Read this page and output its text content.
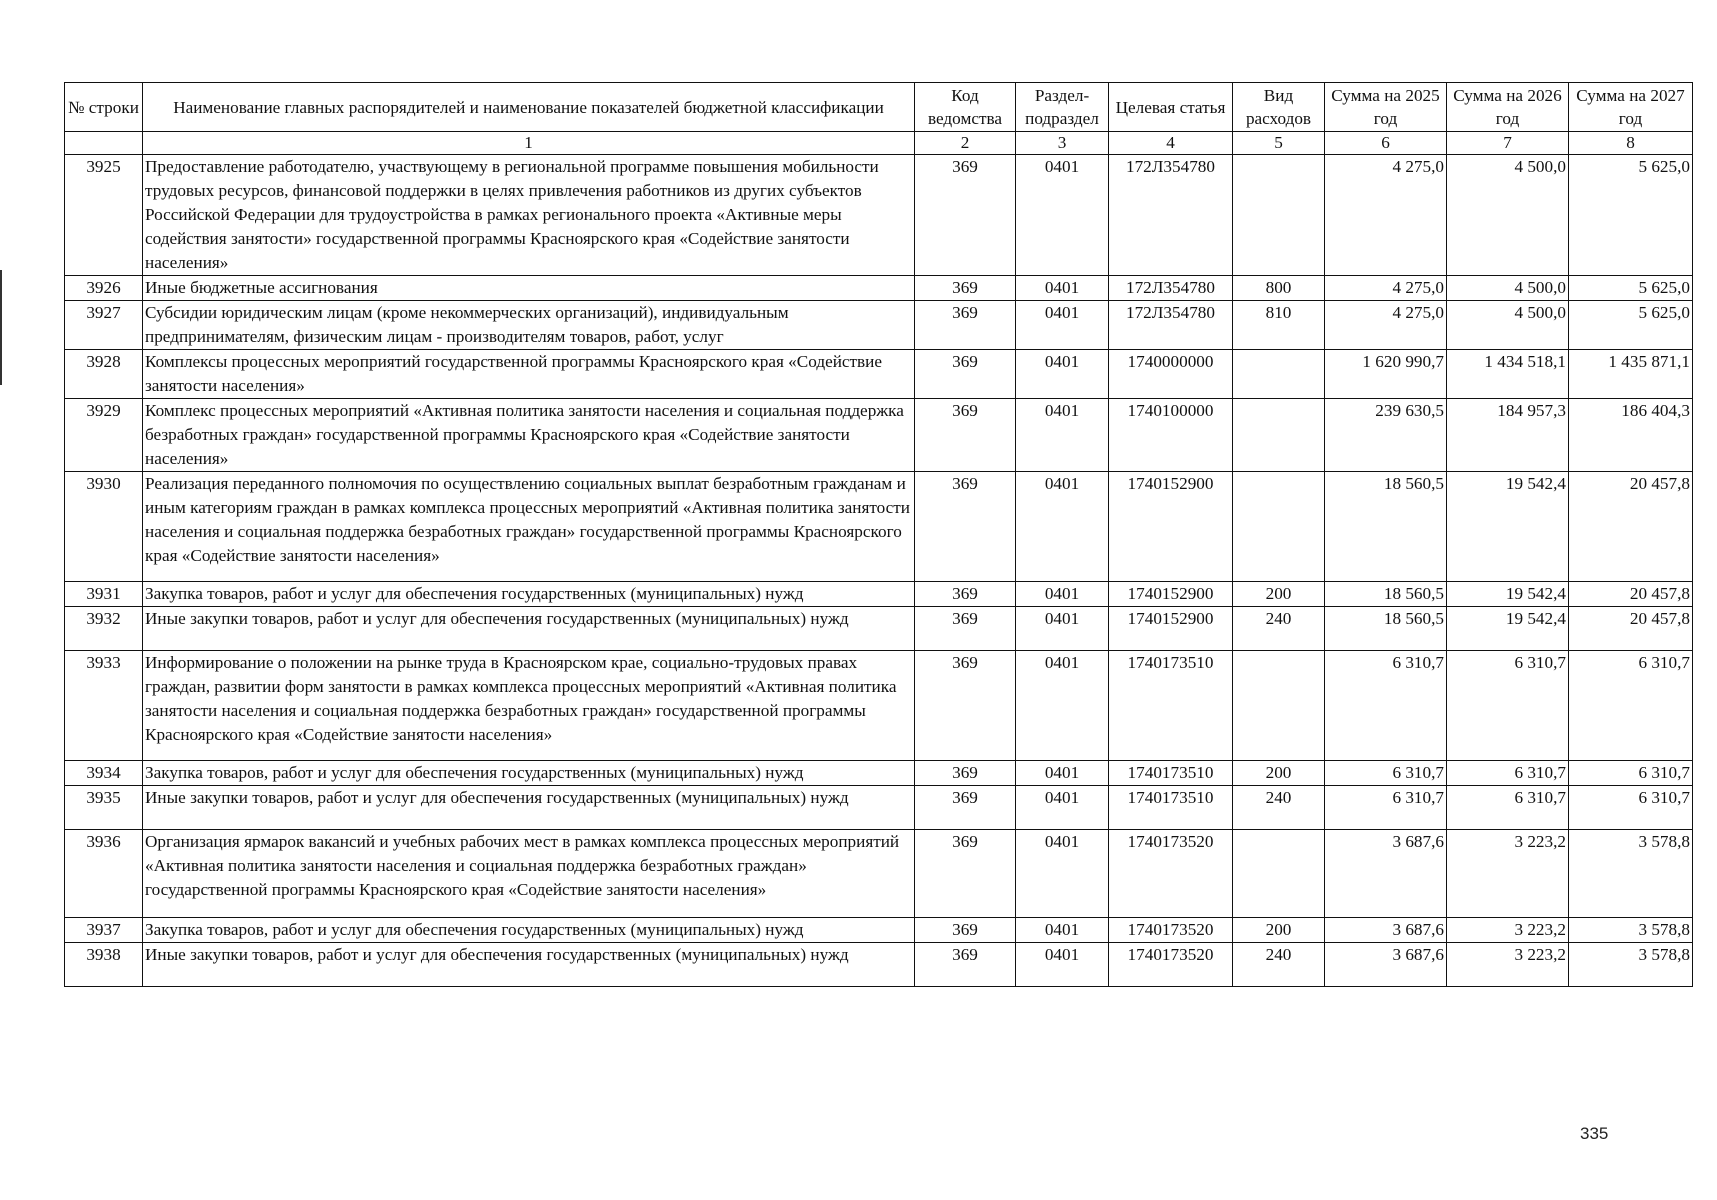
№ строки	Наименование главных распорядителей и наименование показателей бюджетной классификации	Код ведомства	Раздел-подраздел	Целевая статья	Вид расходов	Сумма на 2025 год	Сумма на 2026 год	Сумма на 2027 год
	1	2	3	4	5	6	7	8
3925	Предоставление работодателю, участвующему в региональной программе повышения мобильности трудовых ресурсов, финансовой поддержки в целях привлечения работников из других субъектов Российской Федерации для трудоустройства в рамках регионального проекта «Активные меры содействия занятости» государственной программы Красноярского края «Содействие занятости населения»	369	0401	172Л354780		4 275,0	4 500,0	5 625,0
3926	Иные бюджетные ассигнования	369	0401	172Л354780	800	4 275,0	4 500,0	5 625,0
3927	Субсидии юридическим лицам (кроме некоммерческих организаций), индивидуальным предпринимателям, физическим лицам - производителям товаров, работ, услуг	369	0401	172Л354780	810	4 275,0	4 500,0	5 625,0
3928	Комплексы процессных мероприятий государственной программы Красноярского края «Содействие занятости населения»	369	0401	1740000000		1 620 990,7	1 434 518,1	1 435 871,1
3929	Комплекс процессных мероприятий «Активная политика занятости населения и социальная поддержка безработных граждан» государственной программы Красноярского края «Содействие занятости населения»	369	0401	1740100000		239 630,5	184 957,3	186 404,3
3930	Реализация переданного полномочия по осуществлению социальных выплат безработным гражданам и иным категориям граждан в рамках комплекса процессных мероприятий «Активная политика занятости населения и социальная поддержка безработных граждан» государственной программы Красноярского края «Содействие занятости населения»	369	0401	1740152900		18 560,5	19 542,4	20 457,8
3931	Закупка товаров, работ и услуг для обеспечения государственных (муниципальных) нужд	369	0401	1740152900	200	18 560,5	19 542,4	20 457,8
3932	Иные закупки товаров, работ и услуг для обеспечения государственных (муниципальных) нужд	369	0401	1740152900	240	18 560,5	19 542,4	20 457,8
3933	Информирование о положении на рынке труда в Красноярском крае, социально-трудовых правах граждан, развитии форм занятости в рамках комплекса процессных мероприятий «Активная политика занятости населения и социальная поддержка безработных граждан» государственной программы Красноярского края «Содействие занятости населения»	369	0401	1740173510		6 310,7	6 310,7	6 310,7
3934	Закупка товаров, работ и услуг для обеспечения государственных (муниципальных) нужд	369	0401	1740173510	200	6 310,7	6 310,7	6 310,7
3935	Иные закупки товаров, работ и услуг для обеспечения государственных (муниципальных) нужд	369	0401	1740173510	240	6 310,7	6 310,7	6 310,7
3936	Организация ярмарок вакансий и учебных рабочих мест в рамках комплекса процессных мероприятий «Активная политика занятости населения и социальная поддержка безработных граждан» государственной программы Красноярского края «Содействие занятости населения»	369	0401	1740173520		3 687,6	3 223,2	3 578,8
3937	Закупка товаров, работ и услуг для обеспечения государственных (муниципальных) нужд	369	0401	1740173520	200	3 687,6	3 223,2	3 578,8
3938	Иные закупки товаров, работ и услуг для обеспечения государственных (муниципальных) нужд	369	0401	1740173520	240	3 687,6	3 223,2	3 578,8
335
